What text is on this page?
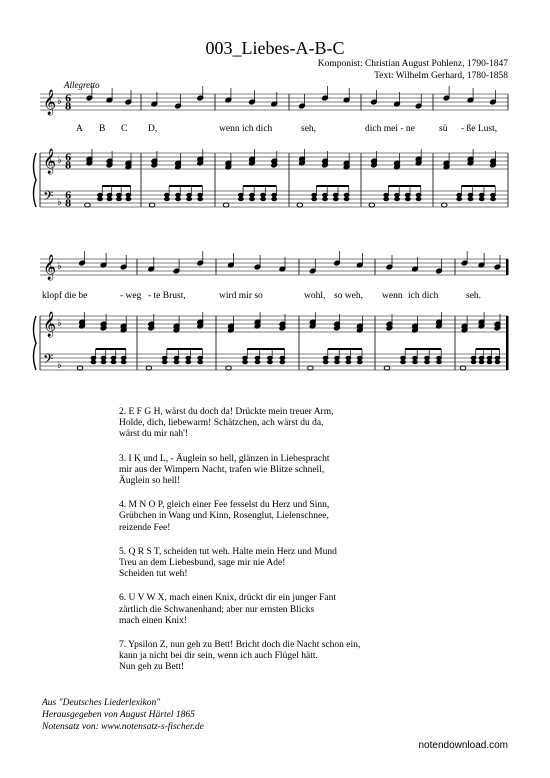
003_Liebes-A-B-C
Komponist: Christian August Pohlenz, 1790-1847
Text: Wilhelm Gerhard, 1780-1858
Allegretto
𝄞 ♭ 6
8
𝄞 ♭ 6
8
𝄢 ♭
6
8
𝄞 ♭
𝄞 ♭
𝄢 ♭
A B C D,	wenn ich dich	seh,	dich mei - ne	sü - ße Lust,
klopf die be	- weg - te Brust,	wird mir so	wohl, so weh, wenn ich dich	seh.
2. E F G H, wärst du doch da! Drückte mein treuer Arm,
Holde, dich, liebewarm! Schätzchen, ach wärst du da,
wärst du mir nah'!
3. I K und L, - Äuglein so hell, glänzen in Liebespracht
mir aus der Wimpern Nacht, trafen wie Blitze schnell,
Äuglein so hell!
4. M N O P, gleich einer Fee fesselst du Herz und Sinn,
Grübchen in Wang und Kinn, Rosenglut, Lielenschnee,
reizende Fee!
5. Q R S T, scheiden tut weh. Halte mein Herz und Mund
Treu an dem Liebesbund, sage mir nie Ade!
Scheiden tut weh!
6. U V W X, mach einen Knix, drückt dir ein junger Fant
zärtlich die Schwanenhand; aber nur ernsten Blicks
mach einen Knix!
7. Ypsilon Z, nun geh zu Bett! Bricht doch die Nacht schon ein,
kann ja nicht bei dir sein, wenn ich auch Flügel hätt.
Nun geh zu Bett!
Aus "Deutsches Liederlexikon"
Herausgegeben von August Härtel 1865
Notensatz von: www.notensatz-s-fischer.de
notendownload.com
